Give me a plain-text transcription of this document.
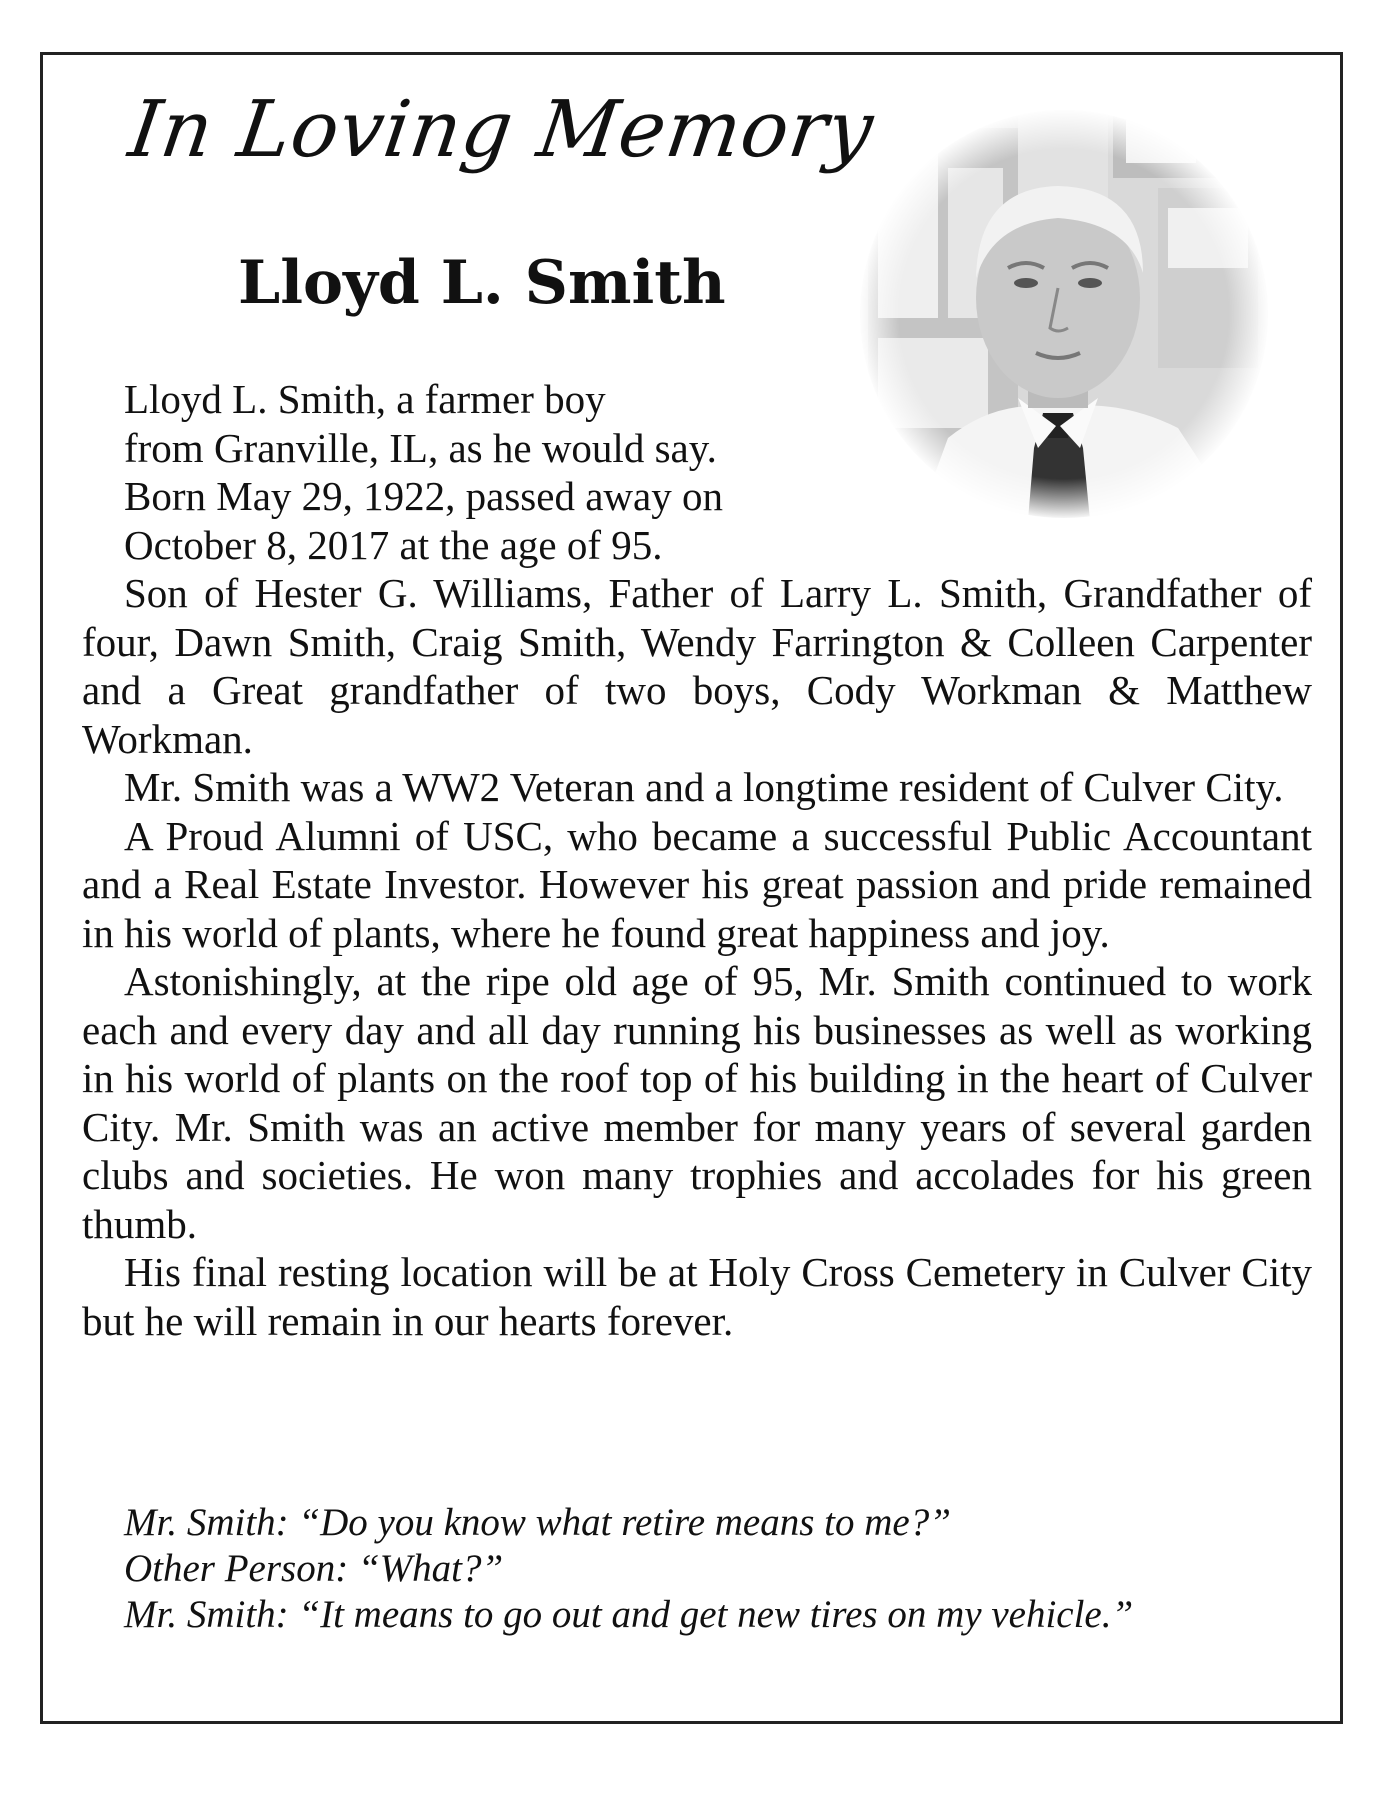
In Loving Memory
Lloyd L. Smith
Lloyd L. Smith, a farmer boy
from Granville, IL, as he would say.
Born May 29, 1922, passed away on
October 8, 2017 at the age of 95.

Son of Hester G. Williams, Father of Larry L. Smith, Grandfather of four, Dawn Smith, Craig Smith, Wendy Farrington & Colleen Carpenter and a Great grandfather of two boys, Cody Workman & Matthew Workman.

Mr. Smith was a WW2 Veteran and a longtime resident of Culver City.

A Proud Alumni of USC, who became a successful Public Accountant and a Real Estate Investor. However his great passion and pride remained in his world of plants, where he found great happiness and joy.

Astonishingly, at the ripe old age of 95, Mr. Smith continued to work each and every day and all day running his businesses as well as working in his world of plants on the roof top of his building in the heart of Culver City. Mr. Smith was an active member for many years of several garden clubs and societies. He won many trophies and accolades for his green thumb.

His final resting location will be at Holy Cross Cemetery in Culver City but he will remain in our hearts forever.

Mr. Smith: “Do you know what retire means to me?”
Other Person: “What?”
Mr. Smith: “It means to go out and get new tires on my vehicle.”
